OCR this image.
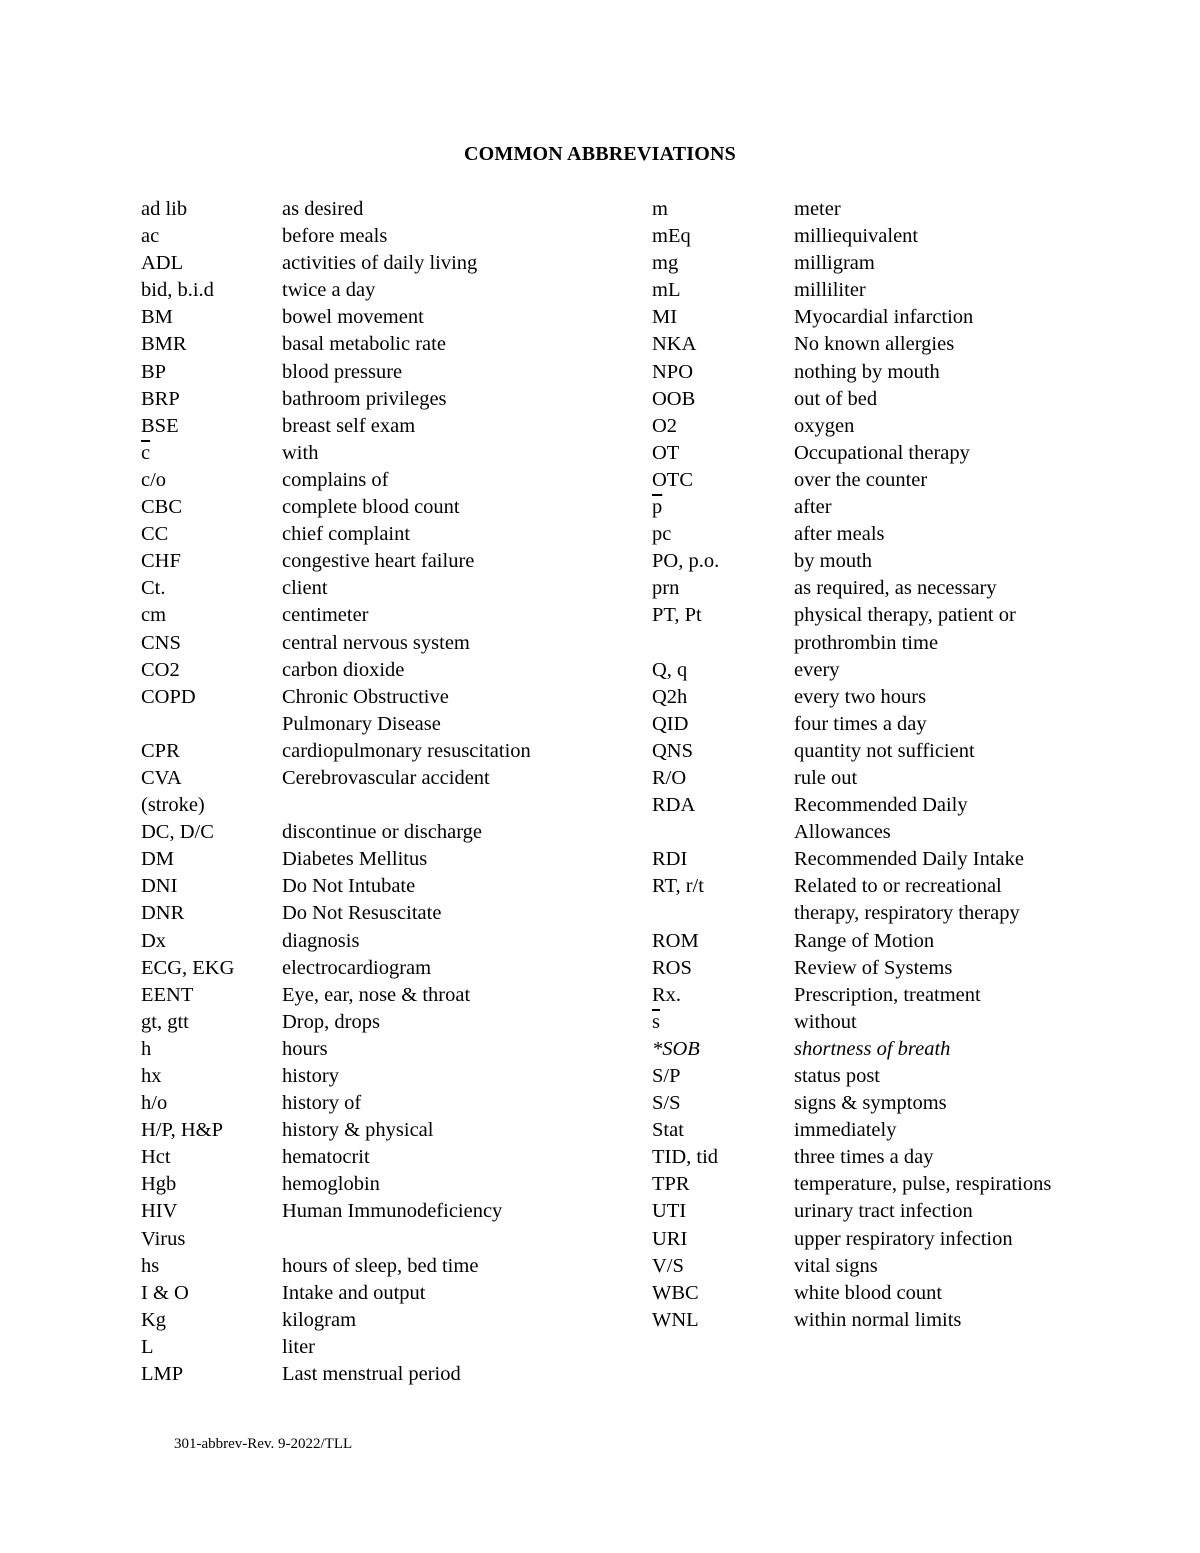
COMMON ABBREVIATIONS
ad lib	as desired
ac	before meals
ADL	activities of daily living
bid, b.i.d	twice a day
BM	bowel movement
BMR	basal metabolic rate
BP	blood pressure
BRP	bathroom privileges
BSE	breast self exam
$\overline{c}$	with
c/o	complains of
CBC	complete blood count
CC	chief complaint
CHF	congestive heart failure
Ct.	client
cm	centimeter
CNS	central nervous system
CO2	carbon dioxide
COPD	Chronic Obstructive
Pulmonary Disease
CPR	cardiopulmonary resuscitation
CVA	Cerebrovascular accident
(stroke)
DC, D/C	discontinue or discharge
DM	Diabetes Mellitus
DNI	Do Not Intubate
DNR	Do Not Resuscitate
Dx	diagnosis
ECG, EKG	electrocardiogram
EENT	Eye, ear, nose & throat
gt, gtt	Drop, drops
h	hours
hx	history
h/o	history of
H/P, H&P	history & physical
Hct	hematocrit
Hgb	hemoglobin
HIV	Human Immunodeficiency
Virus
hs	hours of sleep, bed time
I & O	Intake and output
Kg	kilogram
L	liter
LMP	Last menstrual period
m	meter
mEq	milliequivalent
mg	milligram
mL	milliliter
MI	Myocardial infarction
NKA	No known allergies
NPO	nothing by mouth
OOB	out of bed
O2	oxygen
OT	Occupational therapy
OTC	over the counter
$\overline{p}$	after
pc	after meals
PO, p.o.	by mouth
prn	as required, as necessary
PT, Pt	physical therapy, patient or
prothrombin time
Q, q	every
Q2h	every two hours
QID	four times a day
QNS	quantity not sufficient
R/O	rule out
RDA	Recommended Daily
Allowances
RDI	Recommended Daily Intake
RT, r/t	Related to or recreational
therapy, respiratory therapy
ROM	Range of Motion
ROS	Review of Systems
Rx.	Prescription, treatment
$\overline{s}$	without
*SOB	shortness of breath
S/P	status post
S/S	signs & symptoms
Stat	immediately
TID, tid	three times a day
TPR	temperature, pulse, respirations
UTI	urinary tract infection
URI	upper respiratory infection
V/S	vital signs
WBC	white blood count
WNL	within normal limits
301-abbrev-Rev. 9-2022/TLL
